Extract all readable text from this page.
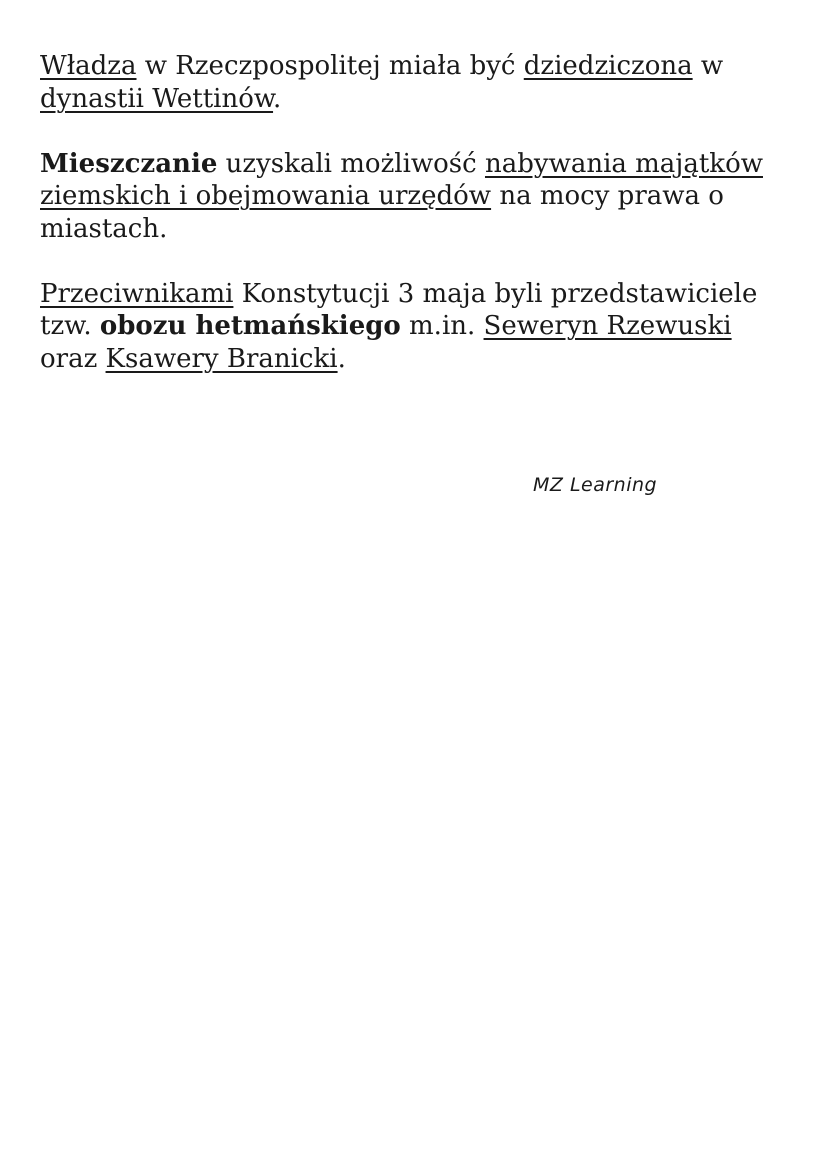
Władza w Rzeczpospolitej miała być dziedziczona w
dynastii Wettinów.

Mieszczanie uzyskali możliwość nabywania majątków ziemskich i obejmowania urzędów na mocy prawa o miastach.

Przeciwnikami Konstytucji 3 maja byli przedstawiciele tzw. obozu hetmańskiego m.in. Seweryn Rzewuski
oraz Ksawery Branicki.

MZ Learning
